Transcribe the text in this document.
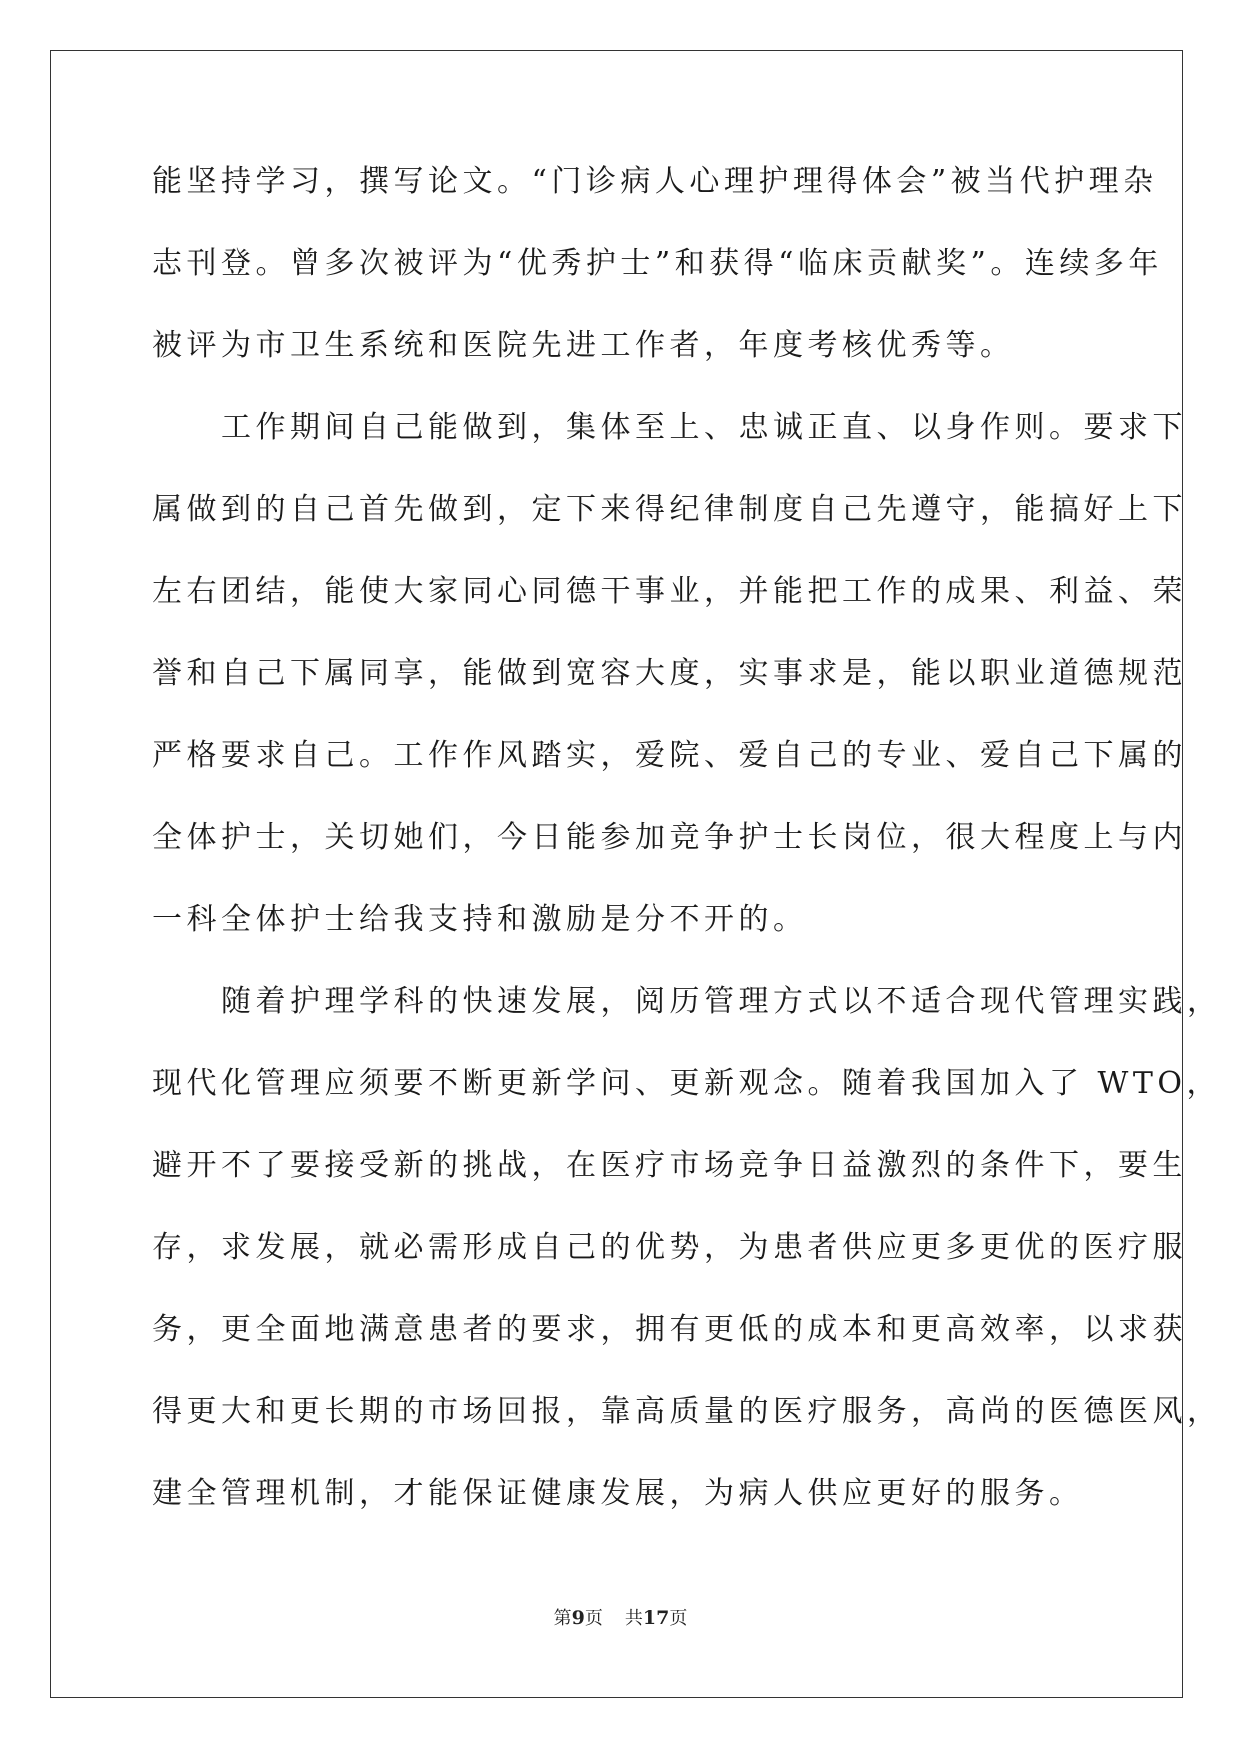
能坚持学习，撰写论文。“门诊病人心理护理得体会”被当代护理杂
志刊登。曾多次被评为“优秀护士”和获得“临床贡献奖”。连续多年
被评为市卫生系统和医院先进工作者，年度考核优秀等。
　　工作期间自己能做到，集体至上、忠诚正直、以身作则。要求下
属做到的自己首先做到，定下来得纪律制度自己先遵守，能搞好上下
左右团结，能使大家同心同德干事业，并能把工作的成果、利益、荣
誉和自己下属同享，能做到宽容大度，实事求是，能以职业道德规范
严格要求自己。工作作风踏实，爱院、爱自己的专业、爱自己下属的
全体护士，关切她们，今日能参加竞争护士长岗位，很大程度上与内
一科全体护士给我支持和激励是分不开的。
　　随着护理学科的快速发展，阅历管理方式以不适合现代管理实践，
现代化管理应须要不断更新学问、更新观念。随着我国加入了 WTO，
避开不了要接受新的挑战，在医疗市场竞争日益激烈的条件下，要生
存，求发展，就必需形成自己的优势，为患者供应更多更优的医疗服
务，更全面地满意患者的要求，拥有更低的成本和更高效率，以求获
得更大和更长期的市场回报，靠高质量的医疗服务，高尚的医德医风，
建全管理机制，才能保证健康发展，为病人供应更好的服务。
第9页 共17页
